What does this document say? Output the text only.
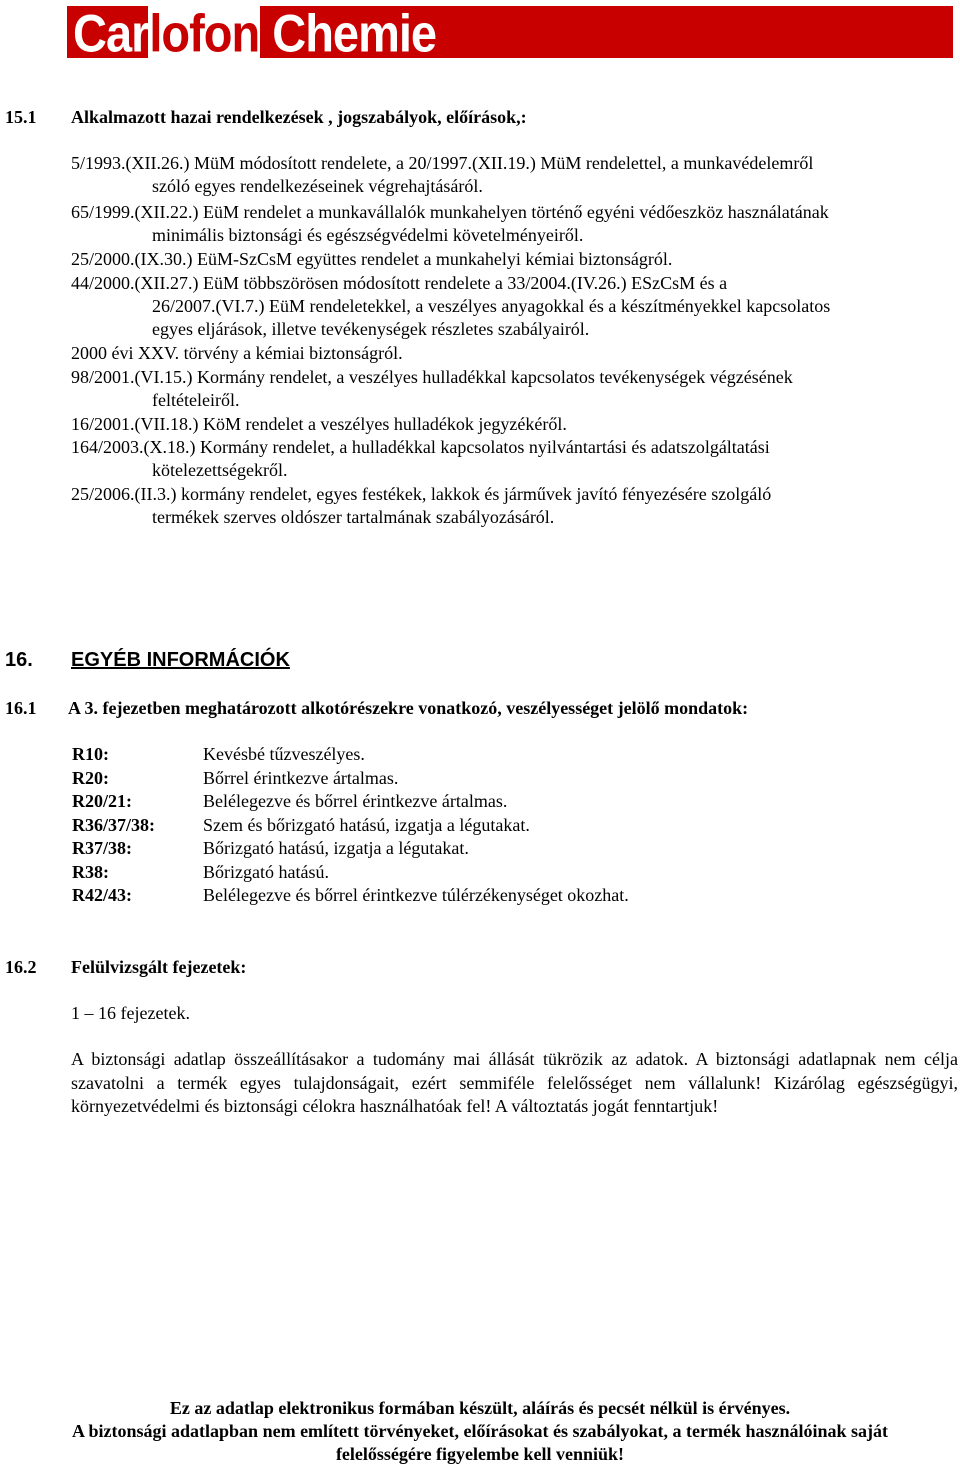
Carlofon Chemie
15.1 Alkalmazott hazai rendelkezések , jogszabályok, előírások,:
5/1993.(XII.26.) MüM módosított rendelete, a 20/1997.(XII.19.) MüM rendelettel, a munkavédelemről
szóló egyes rendelkezéseinek végrehajtásáról.
65/1999.(XII.22.) EüM rendelet a munkavállalók munkahelyen történő egyéni védőeszköz használatának
minimális biztonsági és egészségvédelmi követelményeiről.
25/2000.(IX.30.) EüM-SzCsM együttes rendelet a munkahelyi kémiai biztonságról.
44/2000.(XII.27.) EüM többszörösen módosított rendelete a 33/2004.(IV.26.) ESzCsM és a
26/2007.(VI.7.) EüM rendeletekkel, a veszélyes anyagokkal és a készítményekkel kapcsolatos
egyes eljárások, illetve tevékenységek részletes szabályairól.
2000 évi XXV. törvény a kémiai biztonságról.
98/2001.(VI.15.) Kormány rendelet, a veszélyes hulladékkal kapcsolatos tevékenységek végzésének
feltételeiről.
16/2001.(VII.18.) KöM rendelet a veszélyes hulladékok jegyzékéről.
164/2003.(X.18.) Kormány rendelet, a hulladékkal kapcsolatos nyilvántartási és adatszolgáltatási
kötelezettségekről.
25/2006.(II.3.) kormány rendelet, egyes festékek, lakkok és járművek javító fényezésére szolgáló
termékek szerves oldószer tartalmának szabályozásáról.
16. EGYÉB INFORMÁCIÓK
16.1 A 3. fejezetben meghatározott alkotórészekre vonatkozó, veszélyességet jelölő mondatok:
R10:	Kevésbé tűzveszélyes.
R20:	Bőrrel érintkezve ártalmas.
R20/21:	Belélegezve és bőrrel érintkezve ártalmas.
R36/37/38:	Szem és bőrizgató hatású, izgatja a légutakat.
R37/38:	Bőrizgató hatású, izgatja a légutakat.
R38:	Bőrizgató hatású.
R42/43:	Belélegezve és bőrrel érintkezve túlérzékenységet okozhat.
16.2 Felülvizsgált fejezetek:
1 – 16 fejezetek.
A biztonsági adatlap összeállításakor a tudomány mai állását tükrözik az adatok. A biztonsági adatlapnak nem célja szavatolni a termék egyes tulajdonságait, ezért semmiféle felelősséget nem vállalunk! Kizárólag egészségügyi, környezetvédelmi és biztonsági célokra használhatóak fel! A változtatás jogát fenntartjuk!
Ez az adatlap elektronikus formában készült, aláírás és pecsét nélkül is érvényes.
A biztonsági adatlapban nem említett törvényeket, előírásokat és szabályokat, a termék használóinak saját
felelősségére figyelembe kell venniük!
